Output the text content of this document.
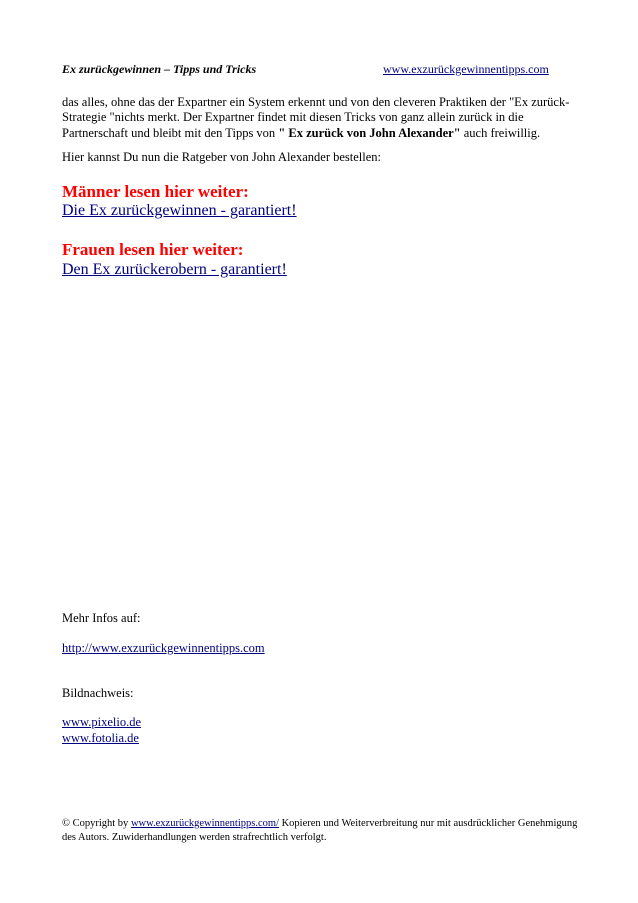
Ex zurückgewinnen – Tipps und Tricks	www.exzurückgewinnentipps.com

das alles, ohne das der Expartner ein System erkennt und von den cleveren Praktiken der "Ex zurück- Strategie "nichts merkt. Der Expartner findet mit diesen Tricks von ganz allein zurück in die Partnerschaft und bleibt mit den Tipps von " Ex zurück von John Alexander" auch freiwillig.

Hier kannst Du nun die Ratgeber von John Alexander bestellen:

Männer lesen hier weiter:

Die Ex zurückgewinnen - garantiert!

Frauen lesen hier weiter:

Den Ex zurückerobern - garantiert!

Mehr Infos auf:

http://www.exzurückgewinnentipps.com

Bildnachweis:

www.pixelio.de
www.fotolia.de

© Copyright by www.exzurückgewinnentipps.com/ Kopieren und Weiterverbreitung nur mit ausdrücklicher Genehmigung des Autors. Zuwiderhandlungen werden strafrechtlich verfolgt.
